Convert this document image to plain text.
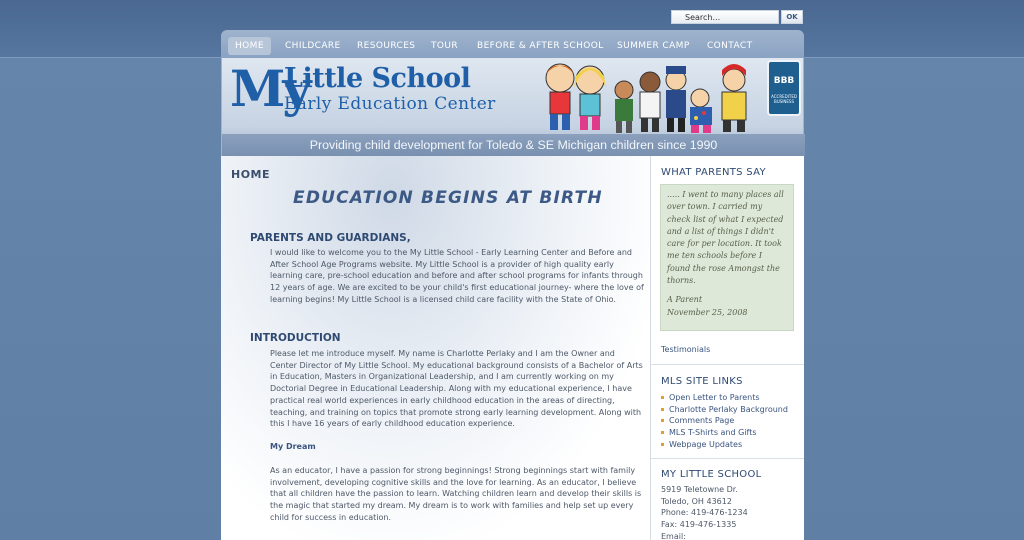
Search...
OK
HOME	CHILDCARE	RESOURCES	TOUR	BEFORE & AFTER SCHOOL	SUMMER CAMP	CONTACT
My
Little School
Early Education Center
BBB
ACCREDITED BUSINESS
Providing child development for Toledo & SE Michigan children since 1990
HOME
EDUCATION BEGINS AT BIRTH
PARENTS AND GUARDIANS,
I would like to welcome you to the My Little School - Early Learning Center and Before and After School Age Programs website. My Little School is a provider of high quality early learning care, pre-school education and before and after school programs for infants through 12 years of age. We are excited to be your child's first educational journey- where the love of learning begins! My Little School is a licensed child care facility with the State of Ohio.
INTRODUCTION
Please let me introduce myself. My name is Charlotte Perlaky and I am the Owner and Center Director of My Little School. My educational background consists of a Bachelor of Arts in Education, Masters in Organizational Leadership, and I am currently working on my Doctorial Degree in Educational Leadership. Along with my educational experience, I have practical real world experiences in early childhood education in the areas of directing, teaching, and training on topics that promote strong early learning development. Along with this I have 16 years of early childhood education experience.
My Dream
As an educator, I have a passion for strong beginnings! Strong beginnings start with family involvement, developing cognitive skills and the love for learning. As an educator, I believe that all children have the passion to learn. Watching children learn and develop their skills is the magic that started my dream. My dream is to work with families and help set up every child for success in education.
WHAT PARENTS SAY
..... I went to many places all over town. I carried my check list of what I expected and a list of things I didn't care for per location. It took me ten schools before I found the rose Amongst the thorns.
A Parent
November 25, 2008
Testimonials
MLS SITE LINKS
Open Letter to Parents
Charlotte Perlaky Background
Comments Page
MLS T-Shirts and Gifts
Webpage Updates
MY LITTLE SCHOOL
5919 Teletowne Dr.
Toledo, OH 43612
Phone: 419-476-1234
Fax: 419-476-1335
Email:
